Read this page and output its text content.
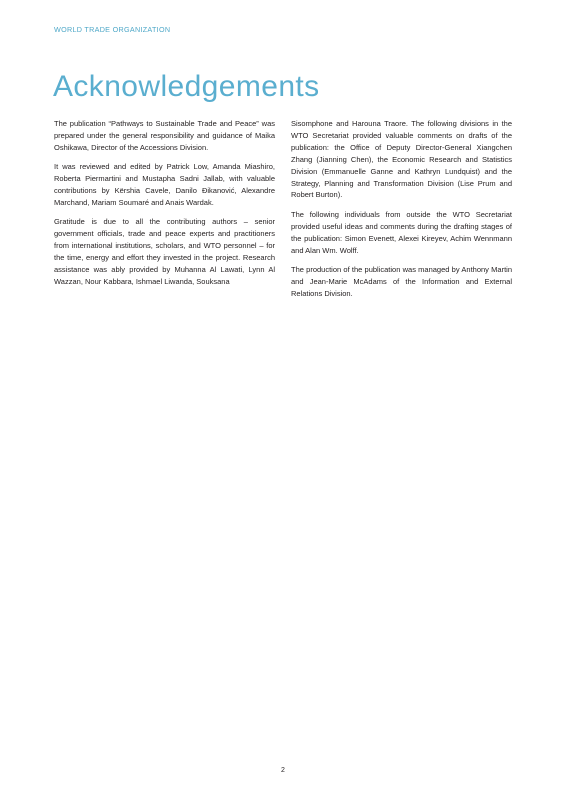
WORLD TRADE ORGANIZATION
Acknowledgements

The publication “Pathways to Sustainable Trade and Peace” was prepared under the general responsibility and guidance of Maika Oshikawa, Director of the Accessions Division.

It was reviewed and edited by Patrick Low, Amanda Miashiro, Roberta Piermartini and Mustapha Sadni Jallab, with valuable contributions by Kërshia Cavele, Danilo Đikanović, Alexandre Marchand, Mariam Soumaré and Anais Wardak.

Gratitude is due to all the contributing authors – senior government officials, trade and peace experts and practitioners from international institutions, scholars, and WTO personnel – for the time, energy and effort they invested in the project. Research assistance was ably provided by Muhanna Al Lawati, Lynn Al Wazzan, Nour Kabbara, Ishmael Liwanda, Souksana

Sisomphone and Harouna Traore. The following divisions in the WTO Secretariat provided valuable comments on drafts of the publication: the Office of Deputy Director-General Xiangchen Zhang (Jianning Chen), the Economic Research and Statistics Division (Emmanuelle Ganne and Kathryn Lundquist) and the Strategy, Planning and Transformation Division (Lise Prum and Robert Burton).

The following individuals from outside the WTO Secretariat provided useful ideas and comments during the drafting stages of the publication: Simon Evenett, Alexei Kireyev, Achim Wennmann and Alan Wm. Wolff.

The production of the publication was managed by Anthony Martin and Jean-Marie McAdams of the Information and External Relations Division.

2
